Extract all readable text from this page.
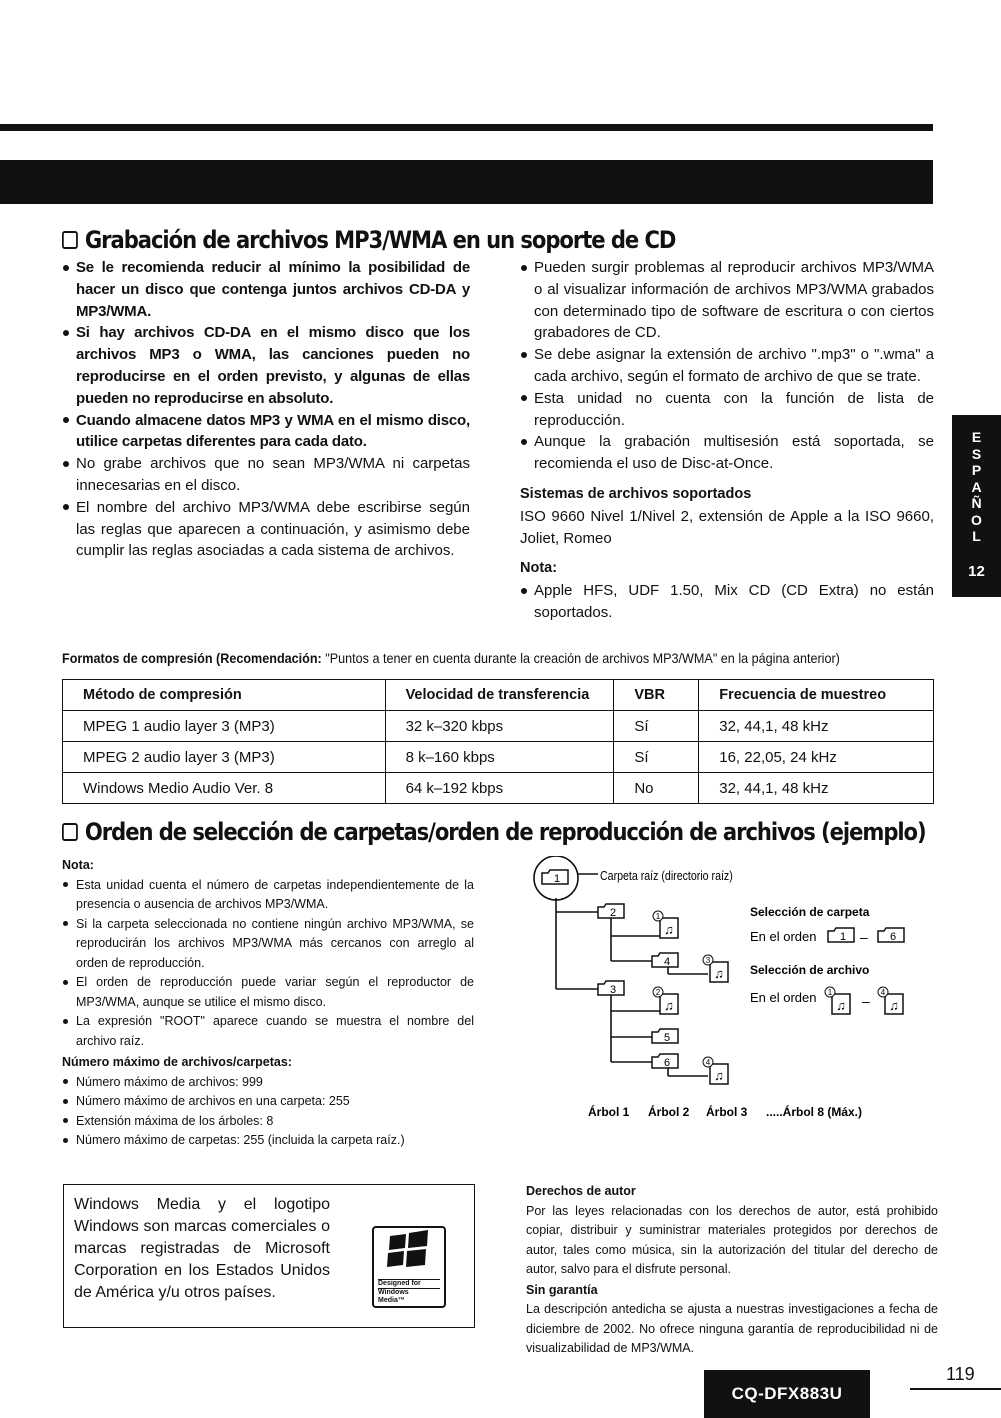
Grabación de archivos MP3/WMA en un soporte de CD
Se le recomienda reducir al mínimo la posibilidad de hacer un disco que contenga juntos archivos CD-DA y MP3/WMA.
Si hay archivos CD-DA en el mismo disco que los archivos MP3 o WMA, las canciones pueden no reproducirse en el orden previsto, y algunas de ellas pueden no reproducirse en absoluto.
Cuando almacene datos MP3 y WMA en el mismo disco, utilice carpetas diferentes para cada dato.
No grabe archivos que no sean MP3/WMA ni carpetas innecesarias en el disco.
El nombre del archivo MP3/WMA debe escribirse según las reglas que aparecen a continuación, y asimismo debe cumplir las reglas asociadas a cada sistema de archivos.
Pueden surgir problemas al reproducir archivos MP3/WMA o al visualizar información de archivos MP3/WMA grabados con determinado tipo de software de escritura o con ciertos grabadores de CD.
Se debe asignar la extensión de archivo ".mp3" o ".wma" a cada archivo, según el formato de archivo de que se trate.
Esta unidad no cuenta con la función de lista de reproducción.
Aunque la grabación multisesión está soportada, se recomienda el uso de Disc-at-Once.
Sistemas de archivos soportados
ISO 9660 Nivel 1/Nivel 2, extensión de Apple a la ISO 9660, Joliet, Romeo
Nota:
Apple HFS, UDF 1.50, Mix CD (CD Extra) no están soportados.
Formatos de compresión (Recomendación: "Puntos a tener en cuenta durante la creación de archivos MP3/WMA" en la página anterior)
Método de compresión	Velocidad de transferencia	VBR	Frecuencia de muestreo
MPEG 1 audio layer 3 (MP3)	32 k–320 kbps	Sí	32, 44,1, 48 kHz
MPEG 2 audio layer 3 (MP3)	8 k–160 kbps	Sí	16, 22,05, 24 kHz
Windows Medio Audio Ver. 8	64 k–192 kbps	No	32, 44,1, 48 kHz
Orden de selección de carpetas/orden de reproducción de archivos (ejemplo)
Nota:
Esta unidad cuenta el número de carpetas independientemente de la presencia o ausencia de archivos MP3/WMA.
Si la carpeta seleccionada no contiene ningún archivo MP3/WMA, se reproducirán los archivos MP3/WMA más cercanos con arreglo al orden de reproducción.
El orden de reproducción puede variar según el reproductor de MP3/WMA, aunque se utilice el mismo disco.
La expresión "ROOT" aparece cuando se muestra el nombre del archivo raíz.
Número máximo de archivos/carpetas:
Número máximo de archivos: 999
Número máximo de archivos en una carpeta: 255
Extensión máxima de los árboles: 8
Número máximo de carpetas: 255 (incluida la carpeta raíz.)
1
2
3
4
5
6
♫
1
♫
3
♫
2
♫
4
1	6
♫
1
♫
4
–
–
Carpeta raíz (directorio raíz)
Selección de carpeta
En el orden
Selección de archivo
En el orden
Árbol 1 Árbol 2 Árbol 3 .....Árbol 8 (Máx.)
Windows Media y el logotipo Windows son marcas comerciales o marcas registradas de Microsoft Corporation en los Estados Unidos de América y/u otros países.
Designed for
Windows
Media™
Derechos de autor
Por las leyes relacionadas con los derechos de autor, está prohibido copiar, distribuir y suministrar materiales protegidos por derechos de autor, tales como música, sin la autorización del titular del derecho de autor, salvo para el disfrute personal.
Sin garantía
La descripción antedicha se ajusta a nuestras investigaciones a fecha de diciembre de 2002. No ofrece ninguna garantía de reproducibilidad ni de visualizabilidad de MP3/WMA.
E
S
P
A
Ñ
O
L
12
119
CQ-DFX883U
